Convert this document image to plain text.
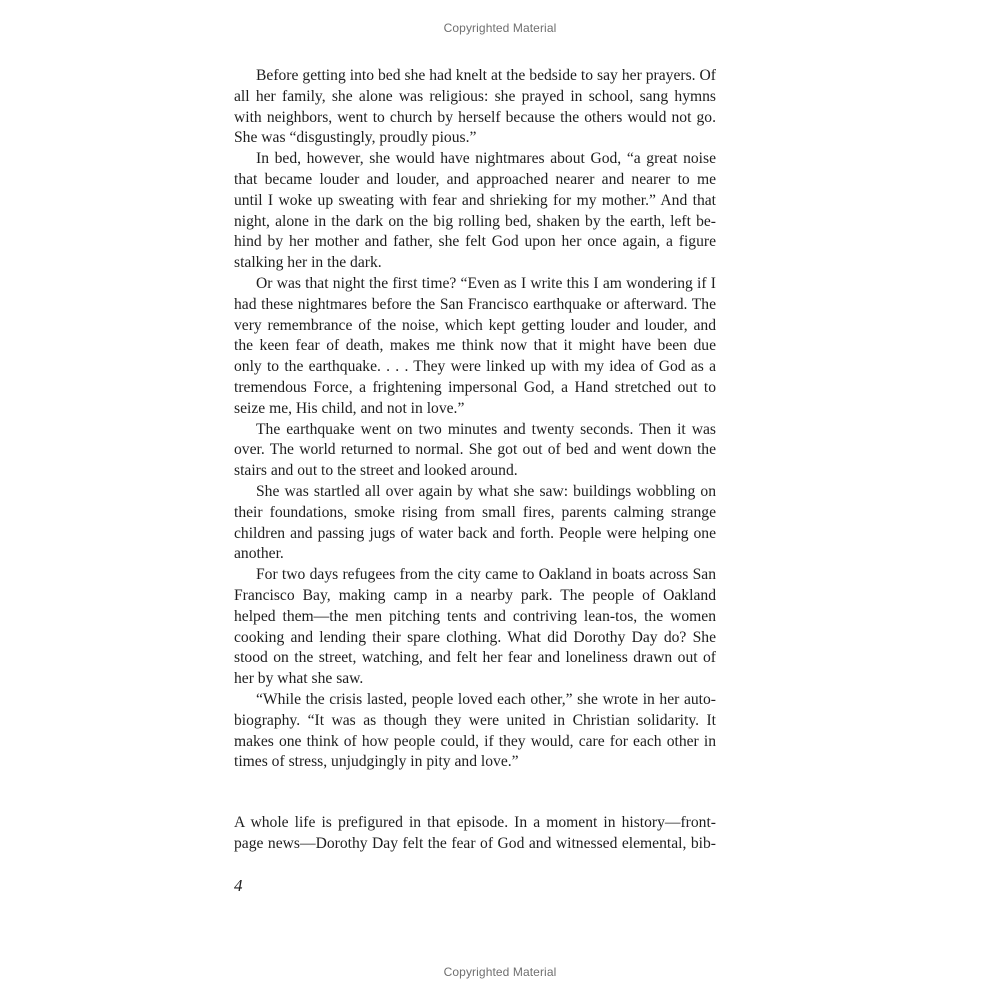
Copyrighted Material
Before getting into bed she had knelt at the bedside to say her prayers. Of
all her family, she alone was religious: she prayed in school, sang hymns
with neighbors, went to church by herself because the others would not go.
She was “disgustingly, proudly pious.”
In bed, however, she would have nightmares about God, “a great noise
that became louder and louder, and approached nearer and nearer to me
until I woke up sweating with fear and shrieking for my mother.” And that
night, alone in the dark on the big rolling bed, shaken by the earth, left be-
hind by her mother and father, she felt God upon her once again, a figure
stalking her in the dark.
Or was that night the first time? “Even as I write this I am wondering if I
had these nightmares before the San Francisco earthquake or afterward. The
very remembrance of the noise, which kept getting louder and louder, and
the keen fear of death, makes me think now that it might have been due
only to the earthquake. . . . They were linked up with my idea of God as a
tremendous Force, a frightening impersonal God, a Hand stretched out to
seize me, His child, and not in love.”
The earthquake went on two minutes and twenty seconds. Then it was
over. The world returned to normal. She got out of bed and went down the
stairs and out to the street and looked around.
She was startled all over again by what she saw: buildings wobbling on
their foundations, smoke rising from small fires, parents calming strange
children and passing jugs of water back and forth. People were helping one
another.
For two days refugees from the city came to Oakland in boats across San
Francisco Bay, making camp in a nearby park. The people of Oakland
helped them—the men pitching tents and contriving lean-tos, the women
cooking and lending their spare clothing. What did Dorothy Day do? She
stood on the street, watching, and felt her fear and loneliness drawn out of
her by what she saw.
“While the crisis lasted, people loved each other,” she wrote in her auto-
biography. “It was as though they were united in Christian solidarity. It
makes one think of how people could, if they would, care for each other in
times of stress, unjudgingly in pity and love.”
A whole life is prefigured in that episode. In a moment in history—front-
page news—Dorothy Day felt the fear of God and witnessed elemental, bib-
4
Copyrighted Material
